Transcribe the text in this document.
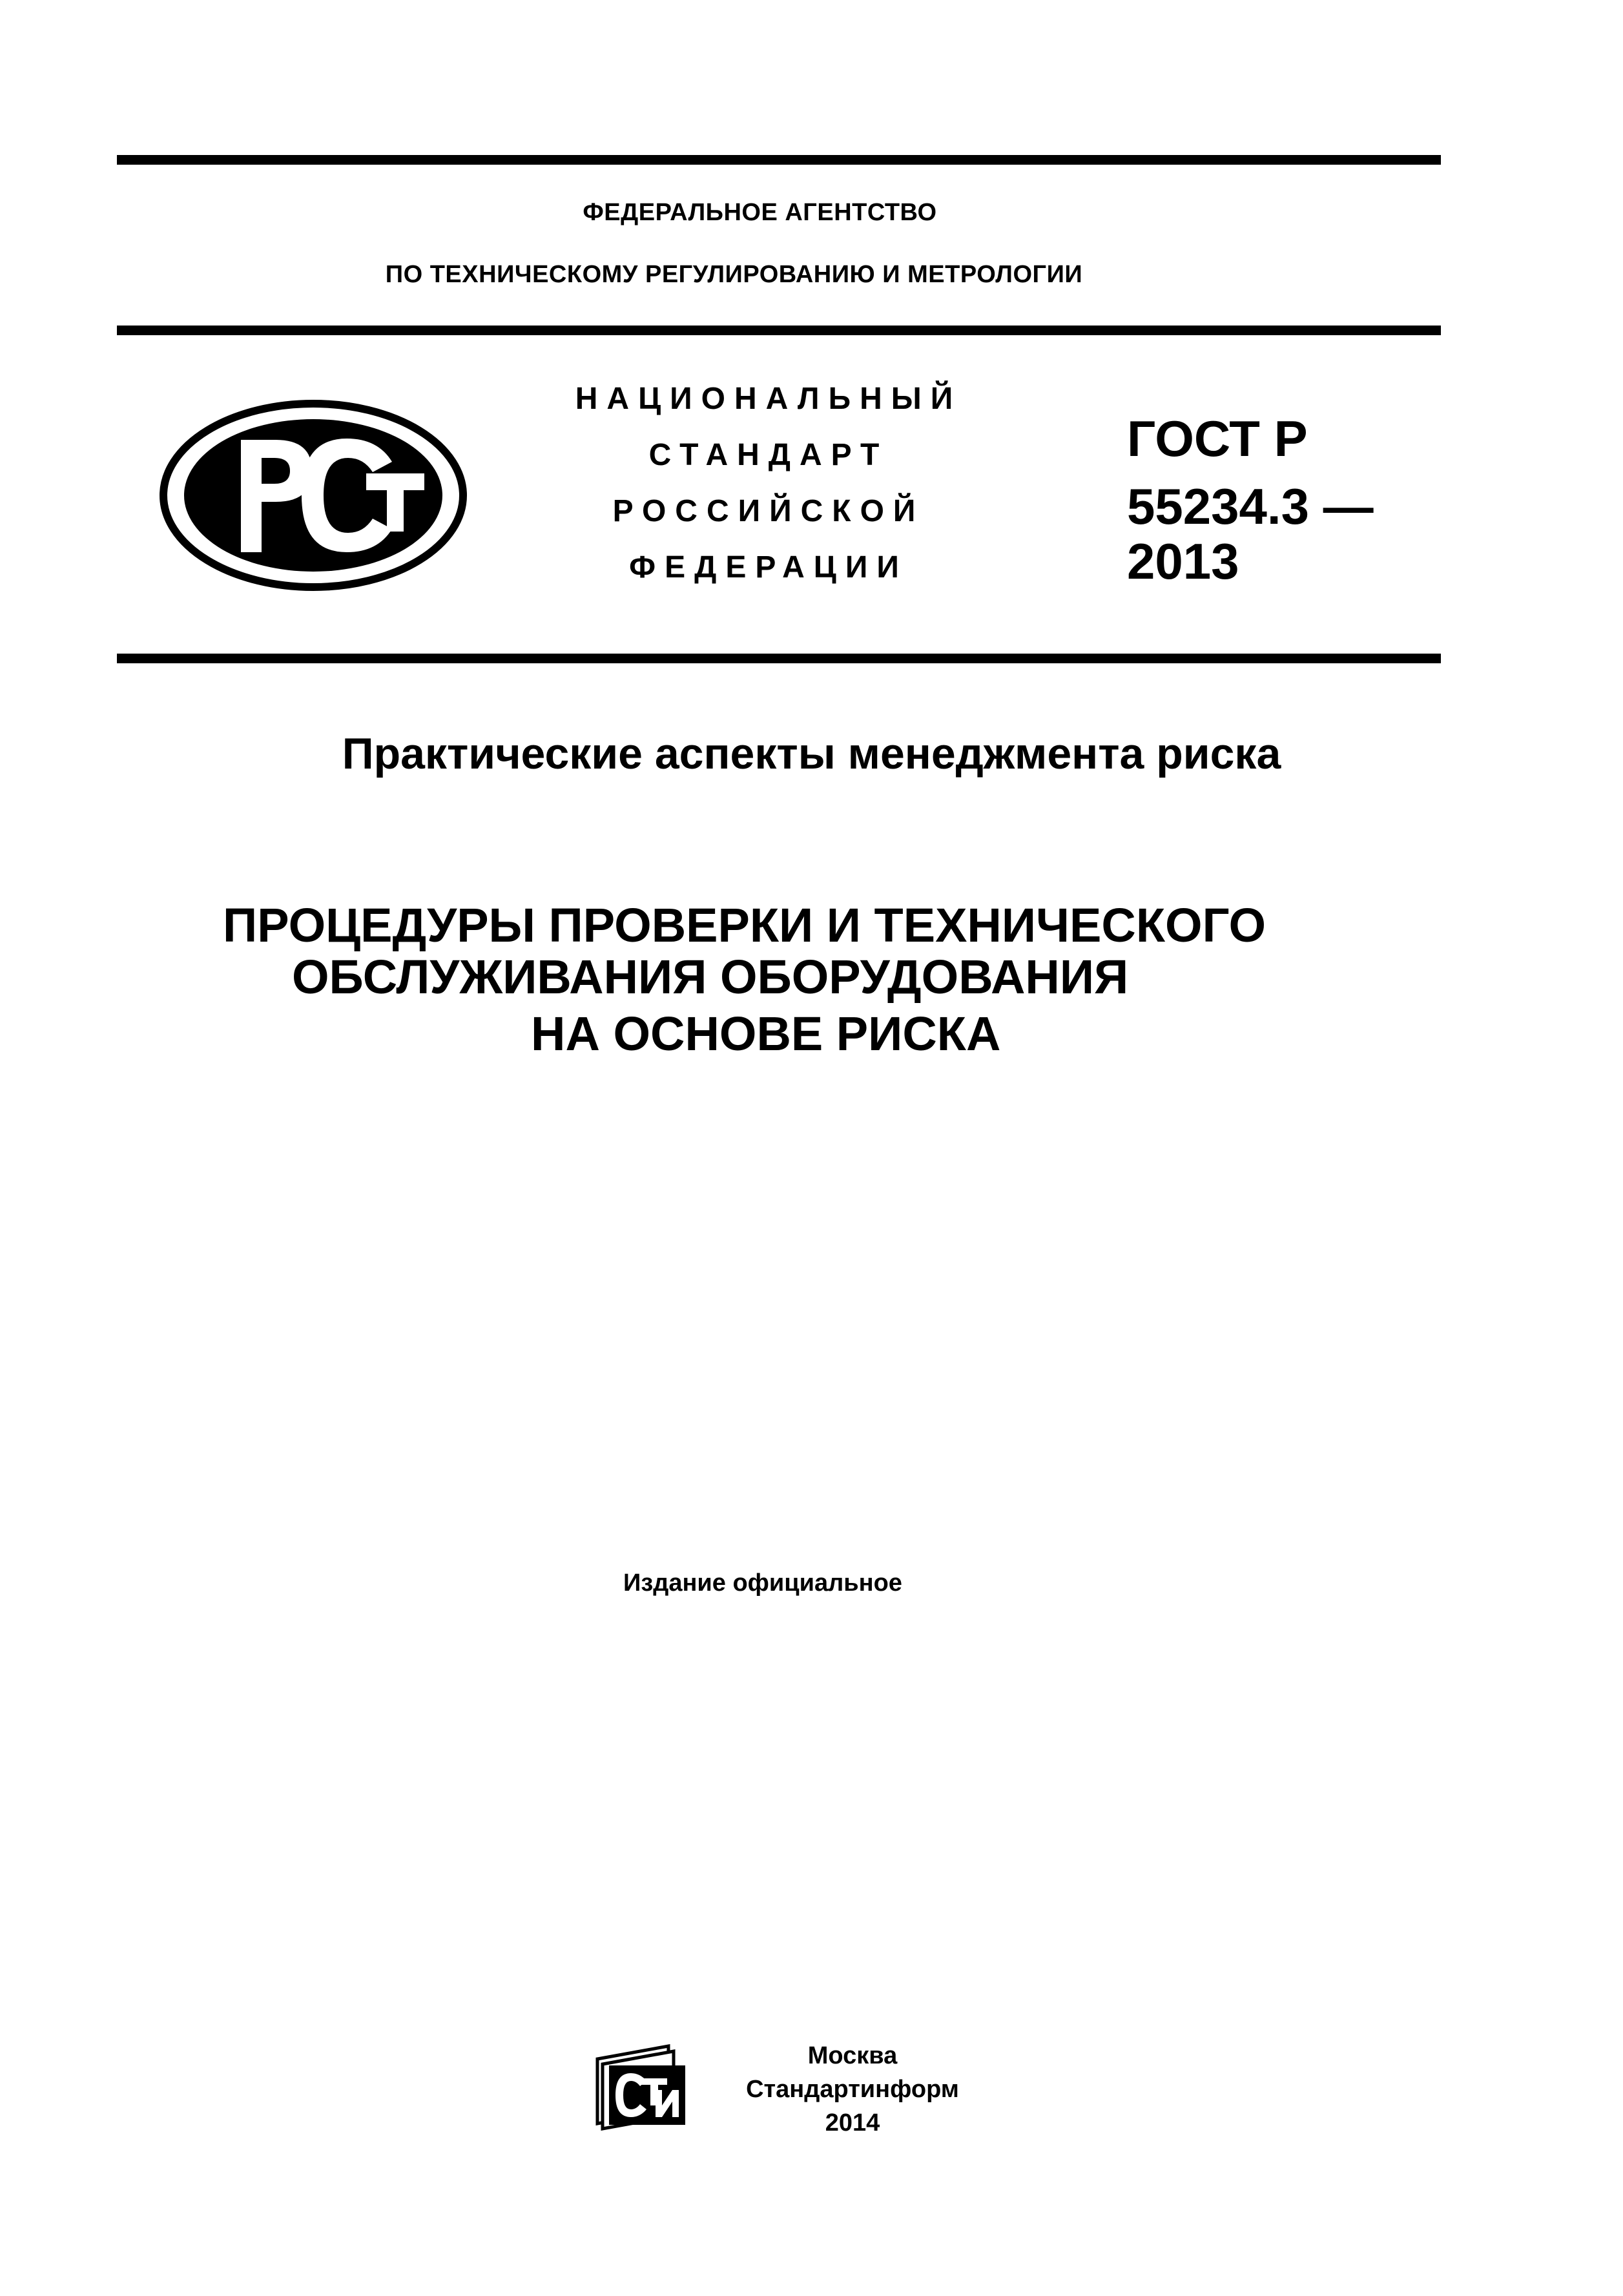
ФЕДЕРАЛЬНОЕ АГЕНТСТВО
ПО ТЕХНИЧЕСКОМУ РЕГУЛИРОВАНИЮ И МЕТРОЛОГИИ
НАЦИОНАЛЬНЫЙ
СТАНДАРТ
РОССИЙСКОЙ
ФЕДЕРАЦИИ
ГОСТ Р
55234.3 —
2013
Практические аспекты менеджмента риска
ПРОЦЕДУРЫ ПРОВЕРКИ И ТЕХНИЧЕСКОГО
ОБСЛУЖИВАНИЯ ОБОРУДОВАНИЯ
НА ОСНОВЕ РИСКА
Издание официальное
Москва
Стандартинформ
2014
